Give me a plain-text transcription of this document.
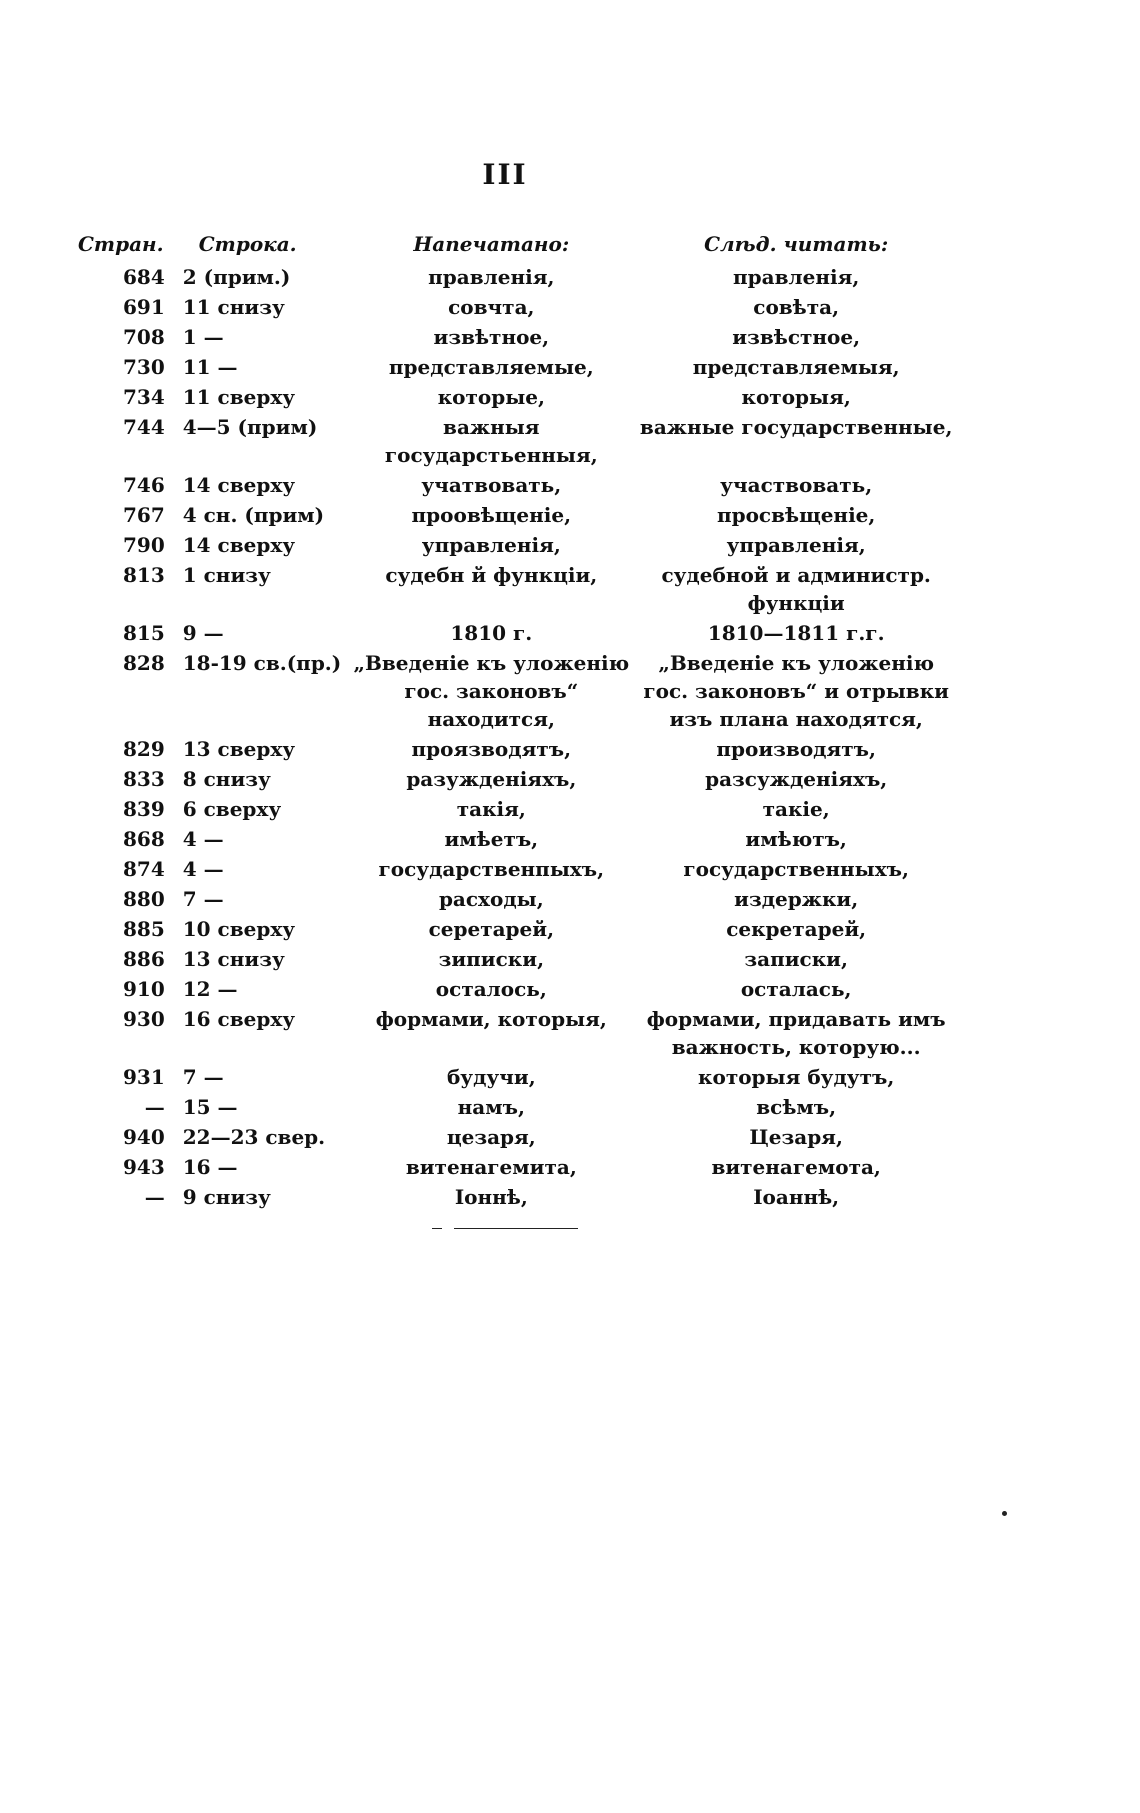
III
Стран.	Строка.	Напечатано:	Слѣд. читать:
684	2 (прим.)	правленія,	правленія,
691	11 снизу	совчта,	совѣта,
708	1 —	извѣтное,	извѣстное,
730	11 —	представляемые,	представляемыя,
734	11 сверху	которые,	которыя,
744	4—5 (прим)	важныя государстьенныя,	важные государственные,
746	14 сверху	учатвовать,	участвовать,
767	4 сн. (прим)	проовѣщеніе,	просвѣщеніе,
790	14 сверху	управленія,	управленія,
813	1 снизу	судебн й функціи,	судебной и администр. функціи
815	9 —	1810 г.	1810—1811 г.г.
828	18-19 св.(пр.)	„Введеніе къ уложенію гос. законовъ“ находится,	„Введеніе къ уложенію гос. законовъ“ и отрывки изъ плана находятся,
829	13 сверху	проязводятъ,	производятъ,
833	8 снизу	разужденіяхъ,	разсужденіяхъ,
839	6 сверху	такія,	такіе,
868	4 —	имѣетъ,	имѣютъ,
874	4 —	государственпыхъ,	государственныхъ,
880	7 —	расходы,	издержки,
885	10 сверху	серетарей,	секретарей,
886	13 снизу	зиписки,	записки,
910	12 —	осталось,	осталась,
930	16 сверху	формами, которыя,	формами, придавать имъ важность, которую...
931	7 —	будучи,	которыя будутъ,
—	15 —	намъ,	всѣмъ,
940	22—23 свер.	цезаря,	Цезаря,
943	16 —	витенагемита,	витенагемота,
—	9 снизу	Іоннѣ,	Іоаннѣ,
